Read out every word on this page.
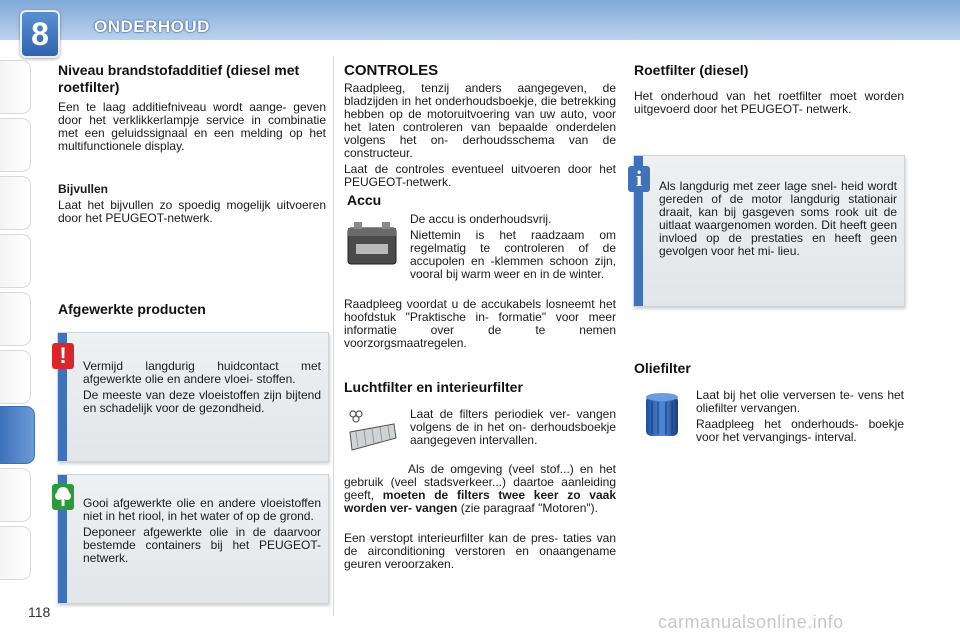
8	ONDERHOUD
Niveau brandstofadditief (diesel met roetfilter)
Een te laag additiefniveau wordt aange- geven door het verklikkerlampje service in combinatie met een geluidssignaal en een melding op het multifunctionele display.
Bijvullen
Laat het bijvullen zo spoedig mogelijk uitvoeren door het PEUGEOT-netwerk.
Afgewerkte producten

Vermijd langdurig huidcontact met afgewerkte olie en andere vloei- stoffen.

De meeste van deze vloeistoffen zijn bijtend en schadelijk voor de gezondheid.

!

Gooi afgewerkte olie en andere vloeistoffen niet in het riool, in het water of op de grond.

Deponeer afgewerkte olie in de daarvoor bestemde containers bij het PEUGEOT-netwerk.

CONTROLES

Raadpleeg, tenzij anders aangegeven, de bladzijden in het onderhoudsboekje, die betrekking hebben op de motoruitvoering van uw auto, voor het laten controleren van bepaalde onderdelen volgens het on- derhoudsschema van de constructeur.

Laat de controles eventueel uitvoeren door het PEUGEOT-netwerk.

Accu

De accu is onderhoudsvrij.

Niettemin is het raadzaam om regelmatig te controleren of de accupolen en -klemmen schoon zijn, vooral bij warm weer en in de winter.

Raadpleeg voordat u de accukabels losneemt het hoofdstuk "Praktische in- formatie" voor meer informatie over de te nemen voorzorgsmaatregelen.
Luchtfilter en interieurfilter
Laat de filters periodiek ver- vangen volgens de in het on- derhoudsboekje aangegeven intervallen.
Als de omgeving (veel stof...) en het gebruik (veel stadsverkeer...) daartoe aanleiding geeft, moeten de filters twee keer zo vaak worden ver- vangen (zie paragraaf "Motoren").
Een verstopt interieurfilter kan de pres- taties van de airconditioning verstoren en onaangename geuren veroorzaken.
Roetfilter (diesel)
Het onderhoud van het roetfilter moet worden uitgevoerd door het PEUGEOT- netwerk.
Als langdurig met zeer lage snel- heid wordt gereden of de motor langdurig stationair draait, kan bij gasgeven soms rook uit de uitlaat waargenomen worden. Dit heeft geen invloed op de prestaties en heeft geen gevolgen voor het mi- lieu.
i
Oliefilter

Laat bij het olie verversen te- vens het oliefilter vervangen.

Raadpleeg het onderhouds- boekje voor het vervangings- interval.

118	carmanualsonline.info
